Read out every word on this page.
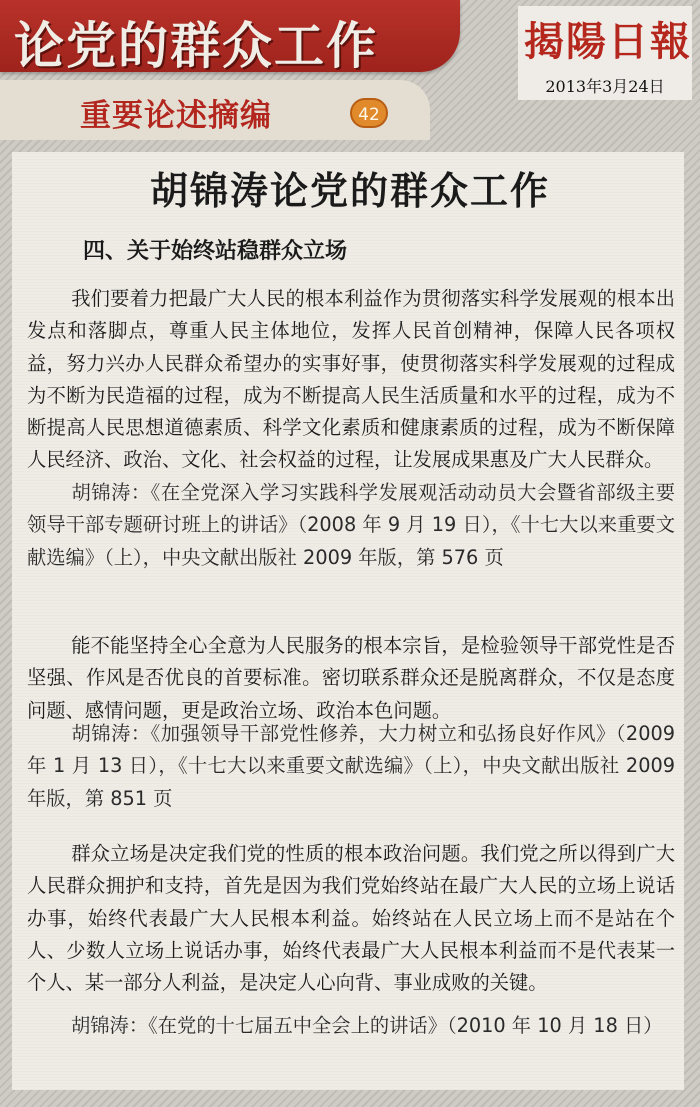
论党的群众工作
重要论述摘编	42
揭陽日報
2013年3月24日
胡锦涛论党的群众工作
四、关于始终站稳群众立场

我们要着力把最广大人民的根本利益作为贯彻落实科学发展观的根本出发点和落脚点，尊重人民主体地位，发挥人民首创精神，保障人民各项权益，努力兴办人民群众希望办的实事好事，使贯彻落实科学发展观的过程成为不断为民造福的过程，成为不断提高人民生活质量和水平的过程，成为不断提高人民思想道德素质、科学文化素质和健康素质的过程，成为不断保障人民经济、政治、文化、社会权益的过程，让发展成果惠及广大人民群众。

胡锦涛：《在全党深入学习实践科学发展观活动动员大会暨省部级主要领导干部专题研讨班上的讲话》（2008 年 9 月 19 日），《十七大以来重要文献选编》（上），中央文献出版社 2009 年版，第 576 页

能不能坚持全心全意为人民服务的根本宗旨，是检验领导干部党性是否坚强、作风是否优良的首要标准。密切联系群众还是脱离群众，不仅是态度问题、感情问题，更是政治立场、政治本色问题。

胡锦涛：《加强领导干部党性修养，大力树立和弘扬良好作风》（2009 年 1 月 13 日），《十七大以来重要文献选编》（上），中央文献出版社 2009 年版，第 851 页

群众立场是决定我们党的性质的根本政治问题。我们党之所以得到广大人民群众拥护和支持，首先是因为我们党始终站在最广大人民的立场上说话办事，始终代表最广大人民根本利益。始终站在人民立场上而不是站在个人、少数人立场上说话办事，始终代表最广大人民根本利益而不是代表某一个人、某一部分人利益，是决定人心向背、事业成败的关键。

胡锦涛：《在党的十七届五中全会上的讲话》（2010 年 10 月 18 日）
